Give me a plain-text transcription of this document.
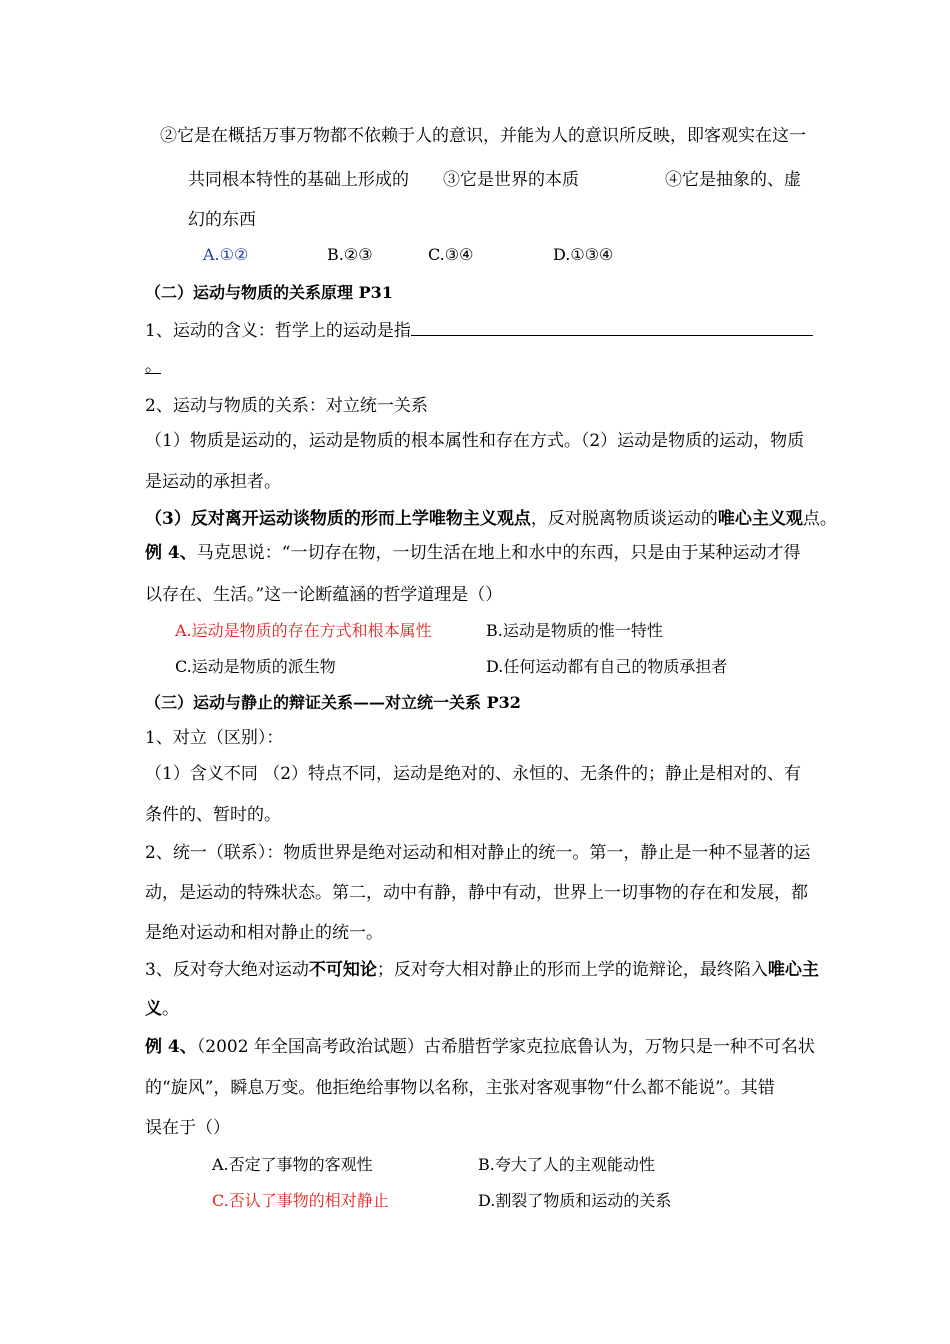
②它是在概括万事万物都不依赖于人的意识，并能为人的意识所反映，即客观实在这一
共同根本特性的基础上形成的 ③它是世界的本质	④它是抽象的、虚
幻的东西
A.①②	B.②③	C.③④	D.①③④
（二）运动与物质的关系原理 P31
1、运动的含义：哲学上的运动是指
。
2、运动与物质的关系：对立统一关系
（1）物质是运动的，运动是物质的根本属性和存在方式。（2）运动是物质的运动，物质
是运动的承担者。
（3）反对离开运动谈物质的形而上学唯物主义观点，反对脱离物质谈运动的唯心主义观点。
例 4、马克思说：“一切存在物，一切生活在地上和水中的东西，只是由于某种运动才得
以存在、生活。”这一论断蕴涵的哲学道理是（）
A.运动是物质的存在方式和根本属性	B.运动是物质的惟一特性
C.运动是物质的派生物	D.任何运动都有自己的物质承担者
（三）运动与静止的辩证关系——对立统一关系 P32
1、对立（区别）：
（1）含义不同 （2）特点不同，运动是绝对的、永恒的、无条件的；静止是相对的、有
条件的、暂时的。
2、统一（联系）：物质世界是绝对运动和相对静止的统一。第一，静止是一种不显著的运
动，是运动的特殊状态。第二，动中有静，静中有动，世界上一切事物的存在和发展，都
是绝对运动和相对静止的统一。
3、反对夸大绝对运动不可知论；反对夸大相对静止的形而上学的诡辩论，最终陷入唯心主
义。
例 4、（2002 年全国高考政治试题）古希腊哲学家克拉底鲁认为，万物只是一种不可名状
的“旋风”，瞬息万变。他拒绝给事物以名称，主张对客观事物“什么都不能说”。其错
误在于（）
A.否定了事物的客观性	B.夸大了人的主观能动性
C.否认了事物的相对静止	D.割裂了物质和运动的关系
